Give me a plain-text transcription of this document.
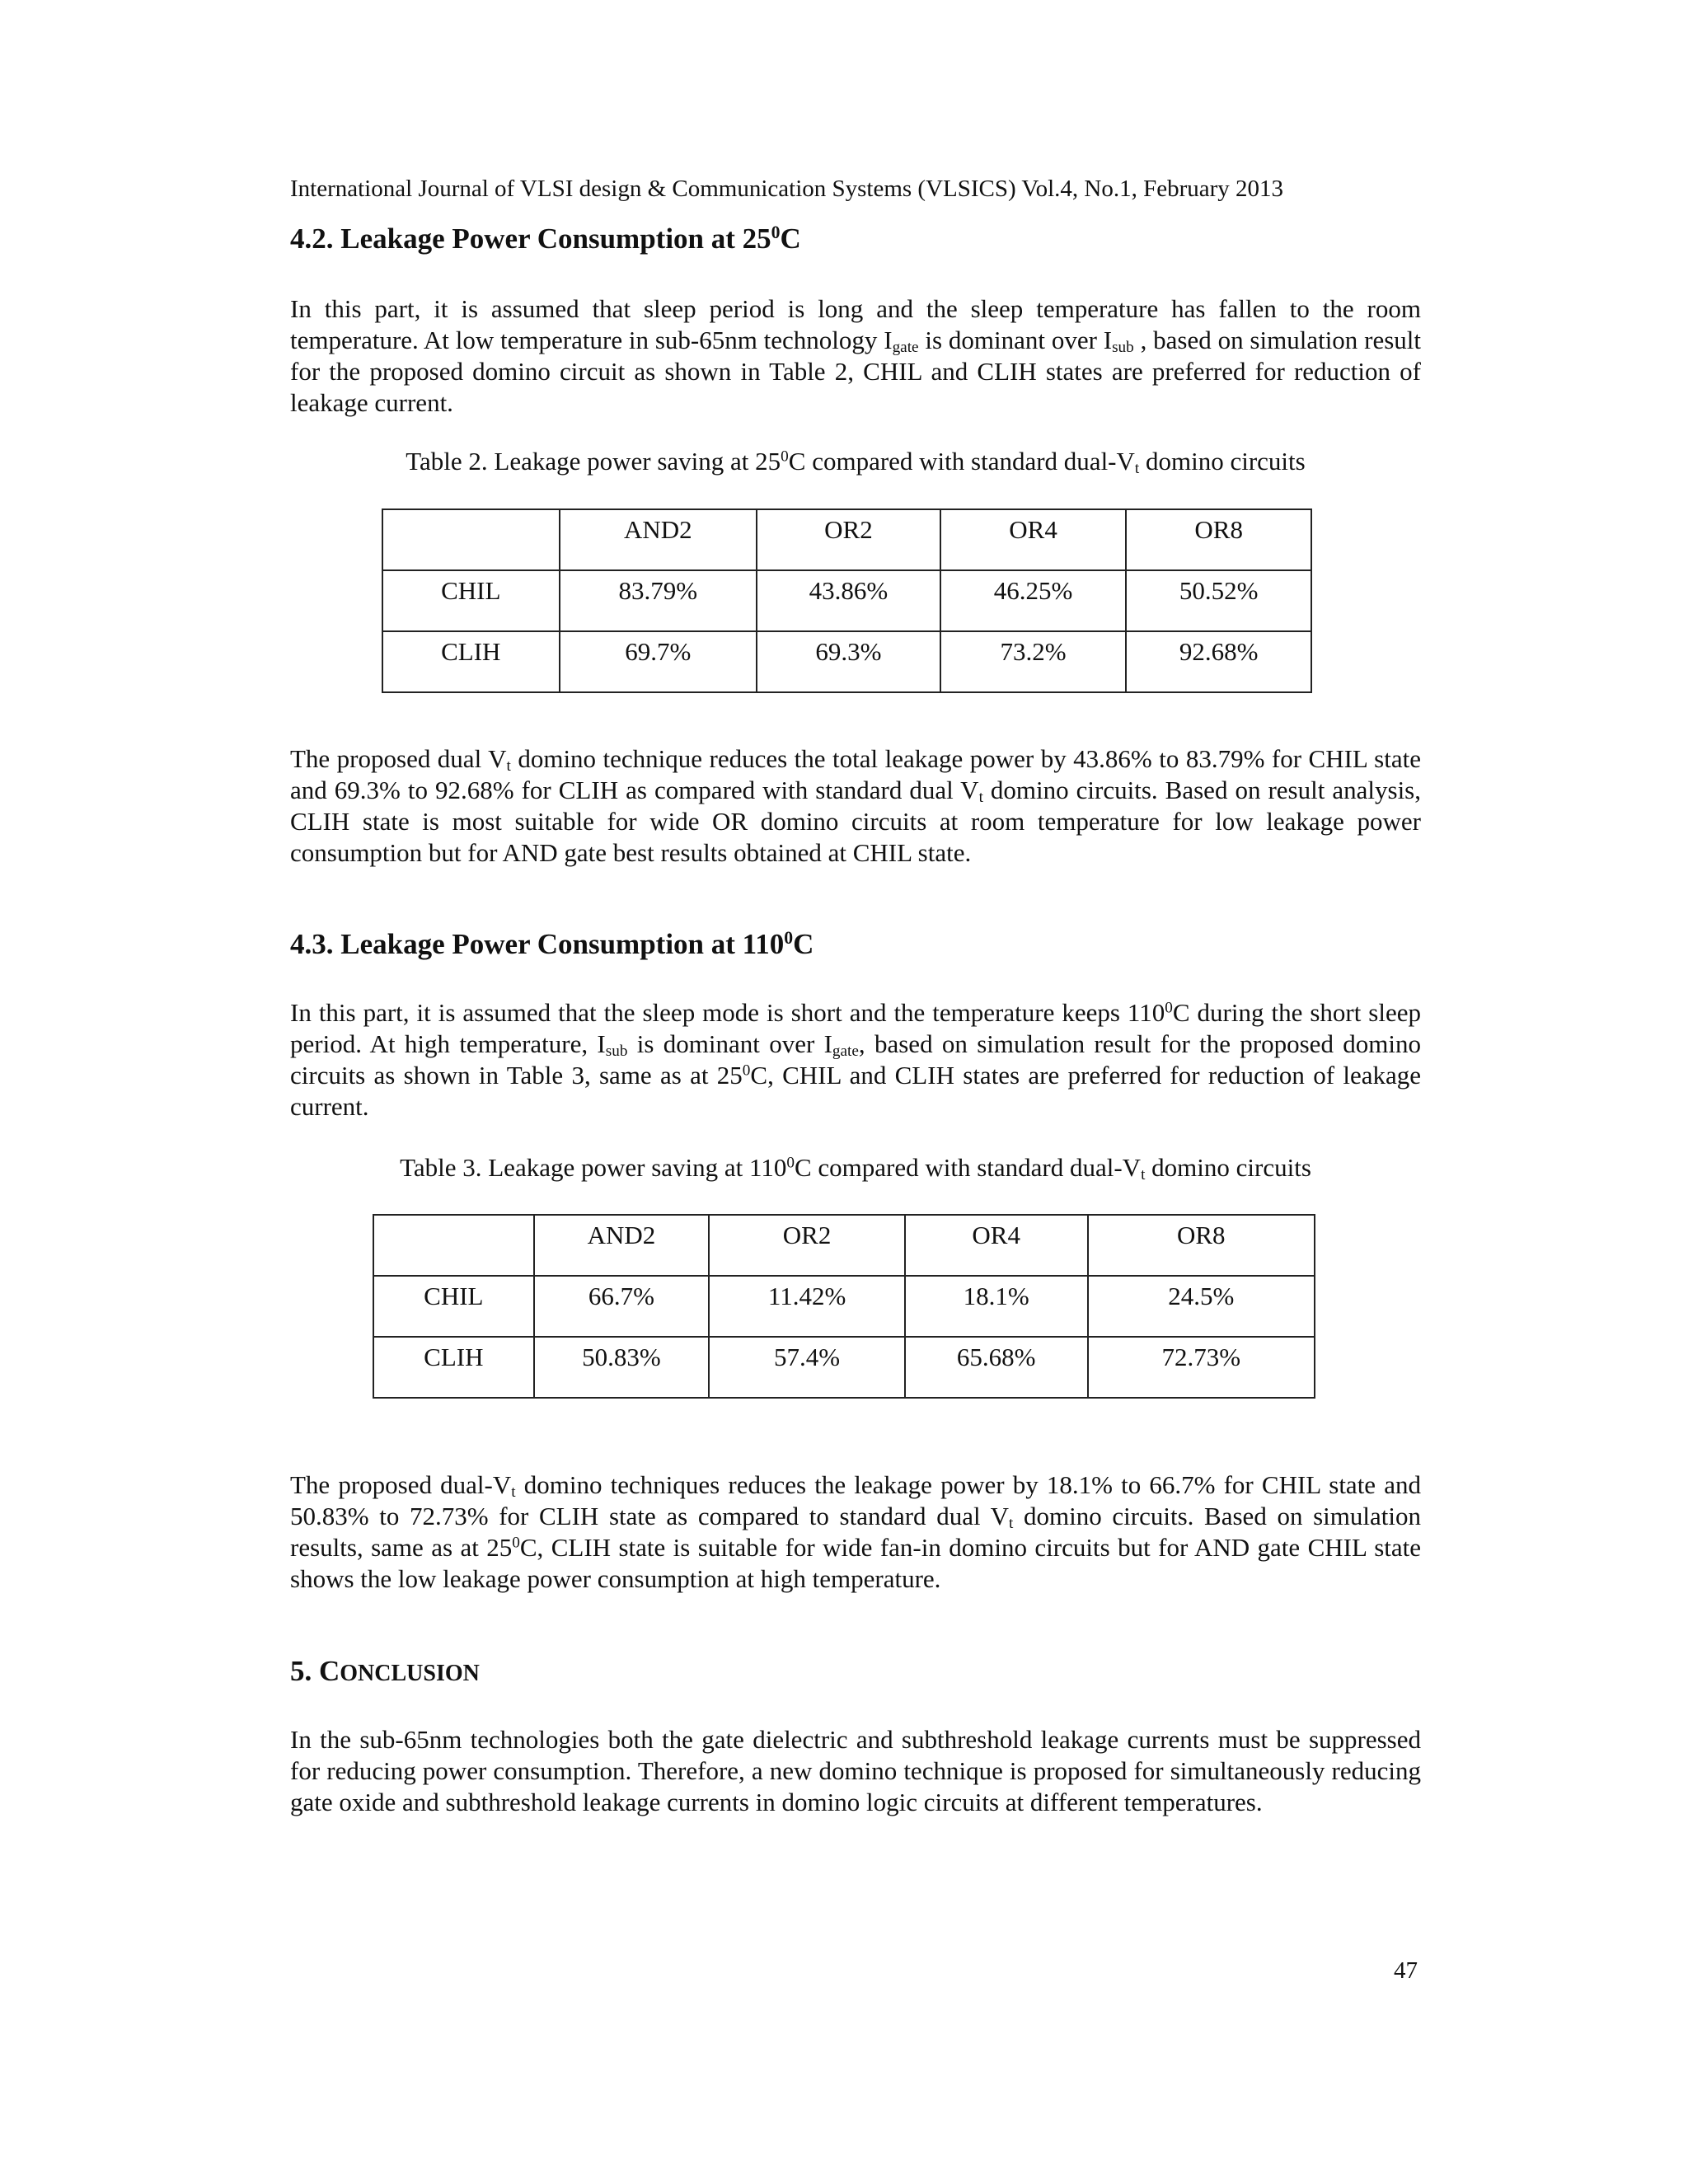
International Journal of VLSI design & Communication Systems (VLSICS) Vol.4, No.1, February 2013
4.2. Leakage Power Consumption at $25^0C$
In this part, it is assumed that sleep period is long and the sleep temperature has fallen to the room temperature. At low temperature in sub-65nm technology $I_{gate}$ is dominant over $I_{sub}$ , based on simulation result for the proposed domino circuit as shown in Table 2, CHIL and CLIH states are preferred for reduction of leakage current.
Table 2. Leakage power saving at $25^0C$ compared with standard dual-$V_t$ domino circuits
	AND2	OR2	OR4	OR8
CHIL	83.79%	43.86%	46.25%	50.52%
CLIH	69.7%	69.3%	73.2%	92.68%
The proposed dual $V_t$ domino technique reduces the total leakage power by 43.86% to 83.79% for CHIL state and 69.3% to 92.68% for CLIH as compared with standard dual $V_t$ domino circuits. Based on result analysis, CLIH state is most suitable for wide OR domino circuits at room temperature for low leakage power consumption but for AND gate best results obtained at CHIL state.
4.3. Leakage Power Consumption at $110^0C$
In this part, it is assumed that the sleep mode is short and the temperature keeps $110^0C$ during the short sleep period. At high temperature, $I_{sub}$ is dominant over $I_{gate}$, based on simulation result for the proposed domino circuits as shown in Table 3, same as at $25^0C$, CHIL and CLIH states are preferred for reduction of leakage current.
Table 3. Leakage power saving at $110^0C$ compared with standard dual-$V_t$ domino circuits
	AND2	OR2	OR4	OR8
CHIL	66.7%	11.42%	18.1%	24.5%
CLIH	50.83%	57.4%	65.68%	72.73%
The proposed dual-$V_t$ domino techniques reduces the leakage power by 18.1% to 66.7% for CHIL state and 50.83% to 72.73% for CLIH state as compared to standard dual $V_t$ domino circuits. Based on simulation results, same as at $25^0C$, CLIH state is suitable for wide fan-in domino circuits but for AND gate CHIL state shows the low leakage power consumption at high temperature.
5. CONCLUSION
In the sub-65nm technologies both the gate dielectric and subthreshold leakage currents must be suppressed for reducing power consumption. Therefore, a new domino technique is proposed for simultaneously reducing gate oxide and subthreshold leakage currents in domino logic circuits at different temperatures.
47
